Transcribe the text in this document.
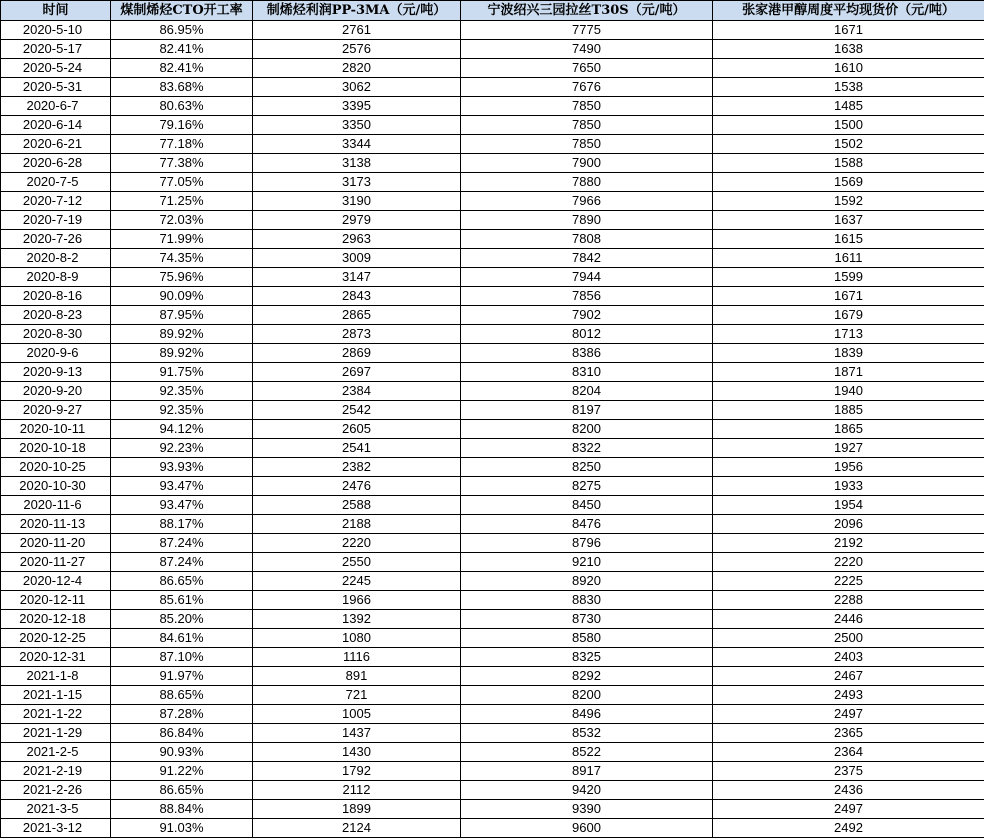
时间	煤制烯烃CTO开工率	制烯烃利润PP-3MA（元/吨）	宁波绍兴三园拉丝T30S（元/吨）	张家港甲醇周度平均现货价（元/吨）
2020-5-10	86.95%	2761	7775	1671
2020-5-17	82.41%	2576	7490	1638
2020-5-24	82.41%	2820	7650	1610
2020-5-31	83.68%	3062	7676	1538
2020-6-7	80.63%	3395	7850	1485
2020-6-14	79.16%	3350	7850	1500
2020-6-21	77.18%	3344	7850	1502
2020-6-28	77.38%	3138	7900	1588
2020-7-5	77.05%	3173	7880	1569
2020-7-12	71.25%	3190	7966	1592
2020-7-19	72.03%	2979	7890	1637
2020-7-26	71.99%	2963	7808	1615
2020-8-2	74.35%	3009	7842	1611
2020-8-9	75.96%	3147	7944	1599
2020-8-16	90.09%	2843	7856	1671
2020-8-23	87.95%	2865	7902	1679
2020-8-30	89.92%	2873	8012	1713
2020-9-6	89.92%	2869	8386	1839
2020-9-13	91.75%	2697	8310	1871
2020-9-20	92.35%	2384	8204	1940
2020-9-27	92.35%	2542	8197	1885
2020-10-11	94.12%	2605	8200	1865
2020-10-18	92.23%	2541	8322	1927
2020-10-25	93.93%	2382	8250	1956
2020-10-30	93.47%	2476	8275	1933
2020-11-6	93.47%	2588	8450	1954
2020-11-13	88.17%	2188	8476	2096
2020-11-20	87.24%	2220	8796	2192
2020-11-27	87.24%	2550	9210	2220
2020-12-4	86.65%	2245	8920	2225
2020-12-11	85.61%	1966	8830	2288
2020-12-18	85.20%	1392	8730	2446
2020-12-25	84.61%	1080	8580	2500
2020-12-31	87.10%	1116	8325	2403
2021-1-8	91.97%	891	8292	2467
2021-1-15	88.65%	721	8200	2493
2021-1-22	87.28%	1005	8496	2497
2021-1-29	86.84%	1437	8532	2365
2021-2-5	90.93%	1430	8522	2364
2021-2-19	91.22%	1792	8917	2375
2021-2-26	86.65%	2112	9420	2436
2021-3-5	88.84%	1899	9390	2497
2021-3-12	91.03%	2124	9600	2492
